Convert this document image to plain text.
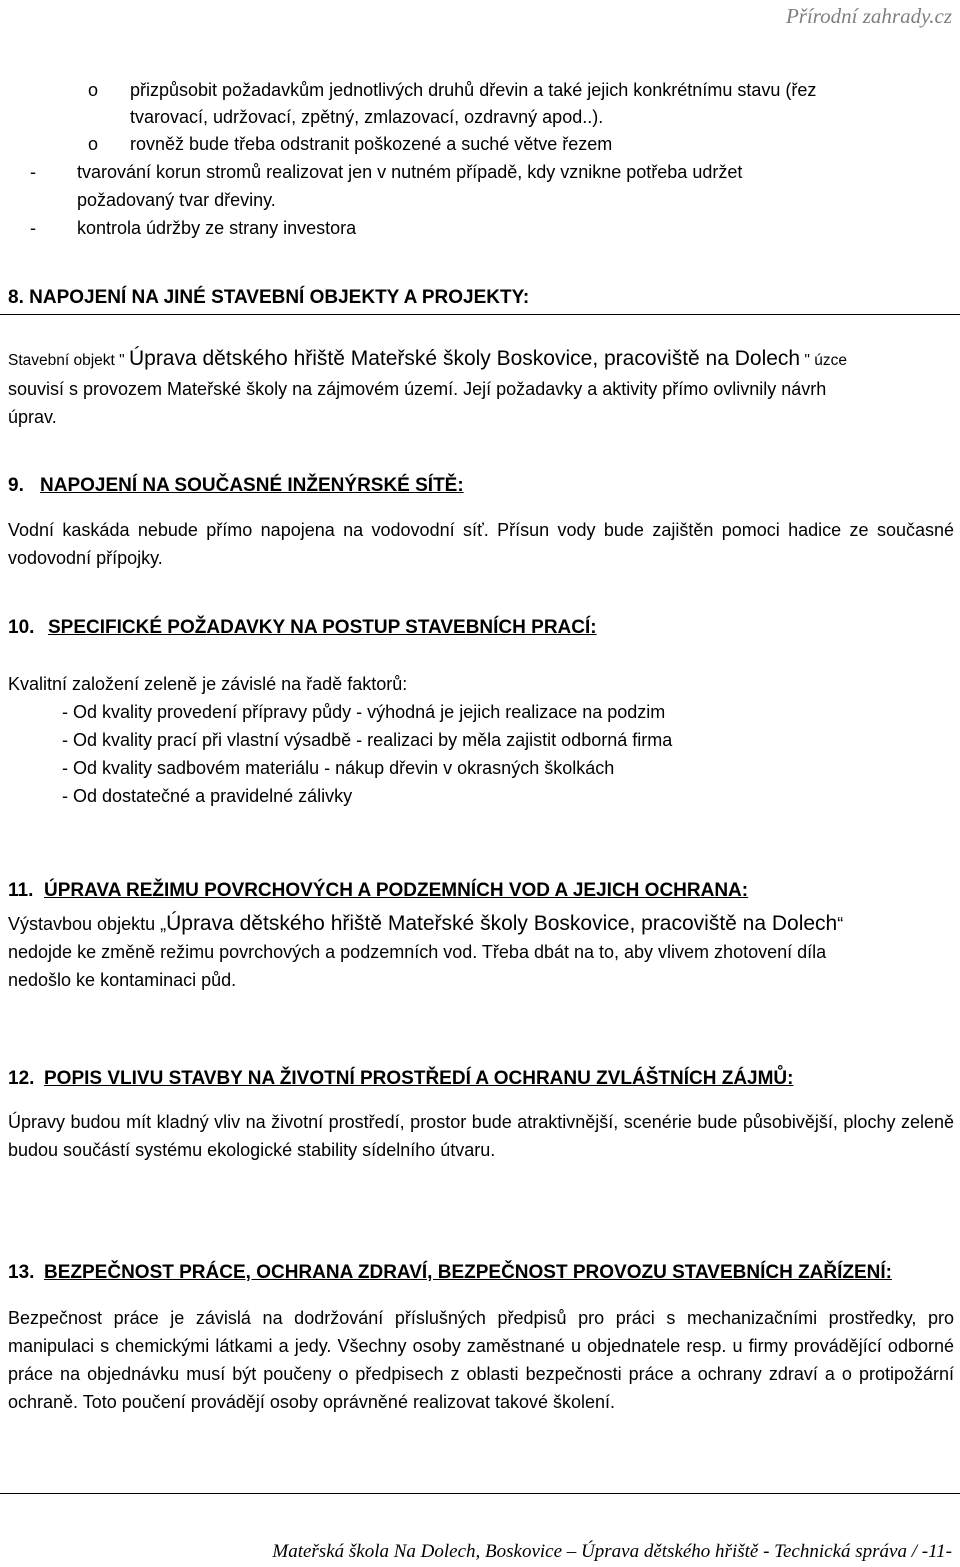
Přírodní zahrady.cz
o přizpůsobit požadavkům jednotlivých druhů dřevin a také jejich konkrétnímu stavu (řez
tvarovací, udržovací, zpětný, zmlazovací, ozdravný apod..).
o rovněž bude třeba odstranit poškozené a suché větve řezem
- tvarování korun stromů realizovat jen v nutném případě, kdy vznikne potřeba udržet
požadovaný tvar dřeviny.
- kontrola údržby ze strany investora
8. NAPOJENÍ NA JINÉ STAVEBNÍ OBJEKTY A PROJEKTY:
Stavební objekt " Úprava dětského hřiště Mateřské školy Boskovice, pracoviště na Dolech " úzce
souvisí s provozem Mateřské školy na zájmovém území. Její požadavky a aktivity přímo ovlivnily návrh
úprav.
9. NAPOJENÍ NA SOUČASNÉ INŽENÝRSKÉ SÍTĚ:
Vodní kaskáda nebude přímo napojena na vodovodní síť. Přísun vody bude zajištěn pomoci hadice ze současné vodovodní přípojky.
10. SPECIFICKÉ POŽADAVKY NA POSTUP STAVEBNÍCH PRACÍ:
Kvalitní založení zeleně je závislé na řadě faktorů:
- Od kvality provedení přípravy půdy - výhodná je jejich realizace na podzim
- Od kvality prací při vlastní výsadbě - realizaci by měla zajistit odborná firma
- Od kvality sadbovém materiálu - nákup dřevin v okrasných školkách
- Od dostatečné a pravidelné zálivky
11. ÚPRAVA REŽIMU POVRCHOVÝCH A PODZEMNÍCH VOD A JEJICH OCHRANA:
Výstavbou objektu „Úprava dětského hřiště Mateřské školy Boskovice, pracoviště na Dolech“
nedojde ke změně režimu povrchových a podzemních vod. Třeba dbát na to, aby vlivem zhotovení díla
nedošlo ke kontaminaci půd.
12. POPIS VLIVU STAVBY NA ŽIVOTNÍ PROSTŘEDÍ A OCHRANU ZVLÁŠTNÍCH ZÁJMŮ:
Úpravy budou mít kladný vliv na životní prostředí, prostor bude atraktivnější, scenérie bude působivější, plochy zeleně budou součástí systému ekologické stability sídelního útvaru.
13. BEZPEČNOST PRÁCE, OCHRANA ZDRAVÍ, BEZPEČNOST PROVOZU STAVEBNÍCH ZAŘÍZENÍ:
Bezpečnost práce je závislá na dodržování příslušných předpisů pro práci s mechanizačními prostředky, pro manipulaci s chemickými látkami a jedy. Všechny osoby zaměstnané u objednatele resp. u firmy provádějící odborné práce na objednávku musí být poučeny o předpisech z oblasti bezpečnosti práce a ochrany zdraví a o protipožární ochraně. Toto poučení provádějí osoby oprávněné realizovat takové školení.
Mateřská škola Na Dolech, Boskovice – Úprava dětského hřiště - Technická správa / -11-
